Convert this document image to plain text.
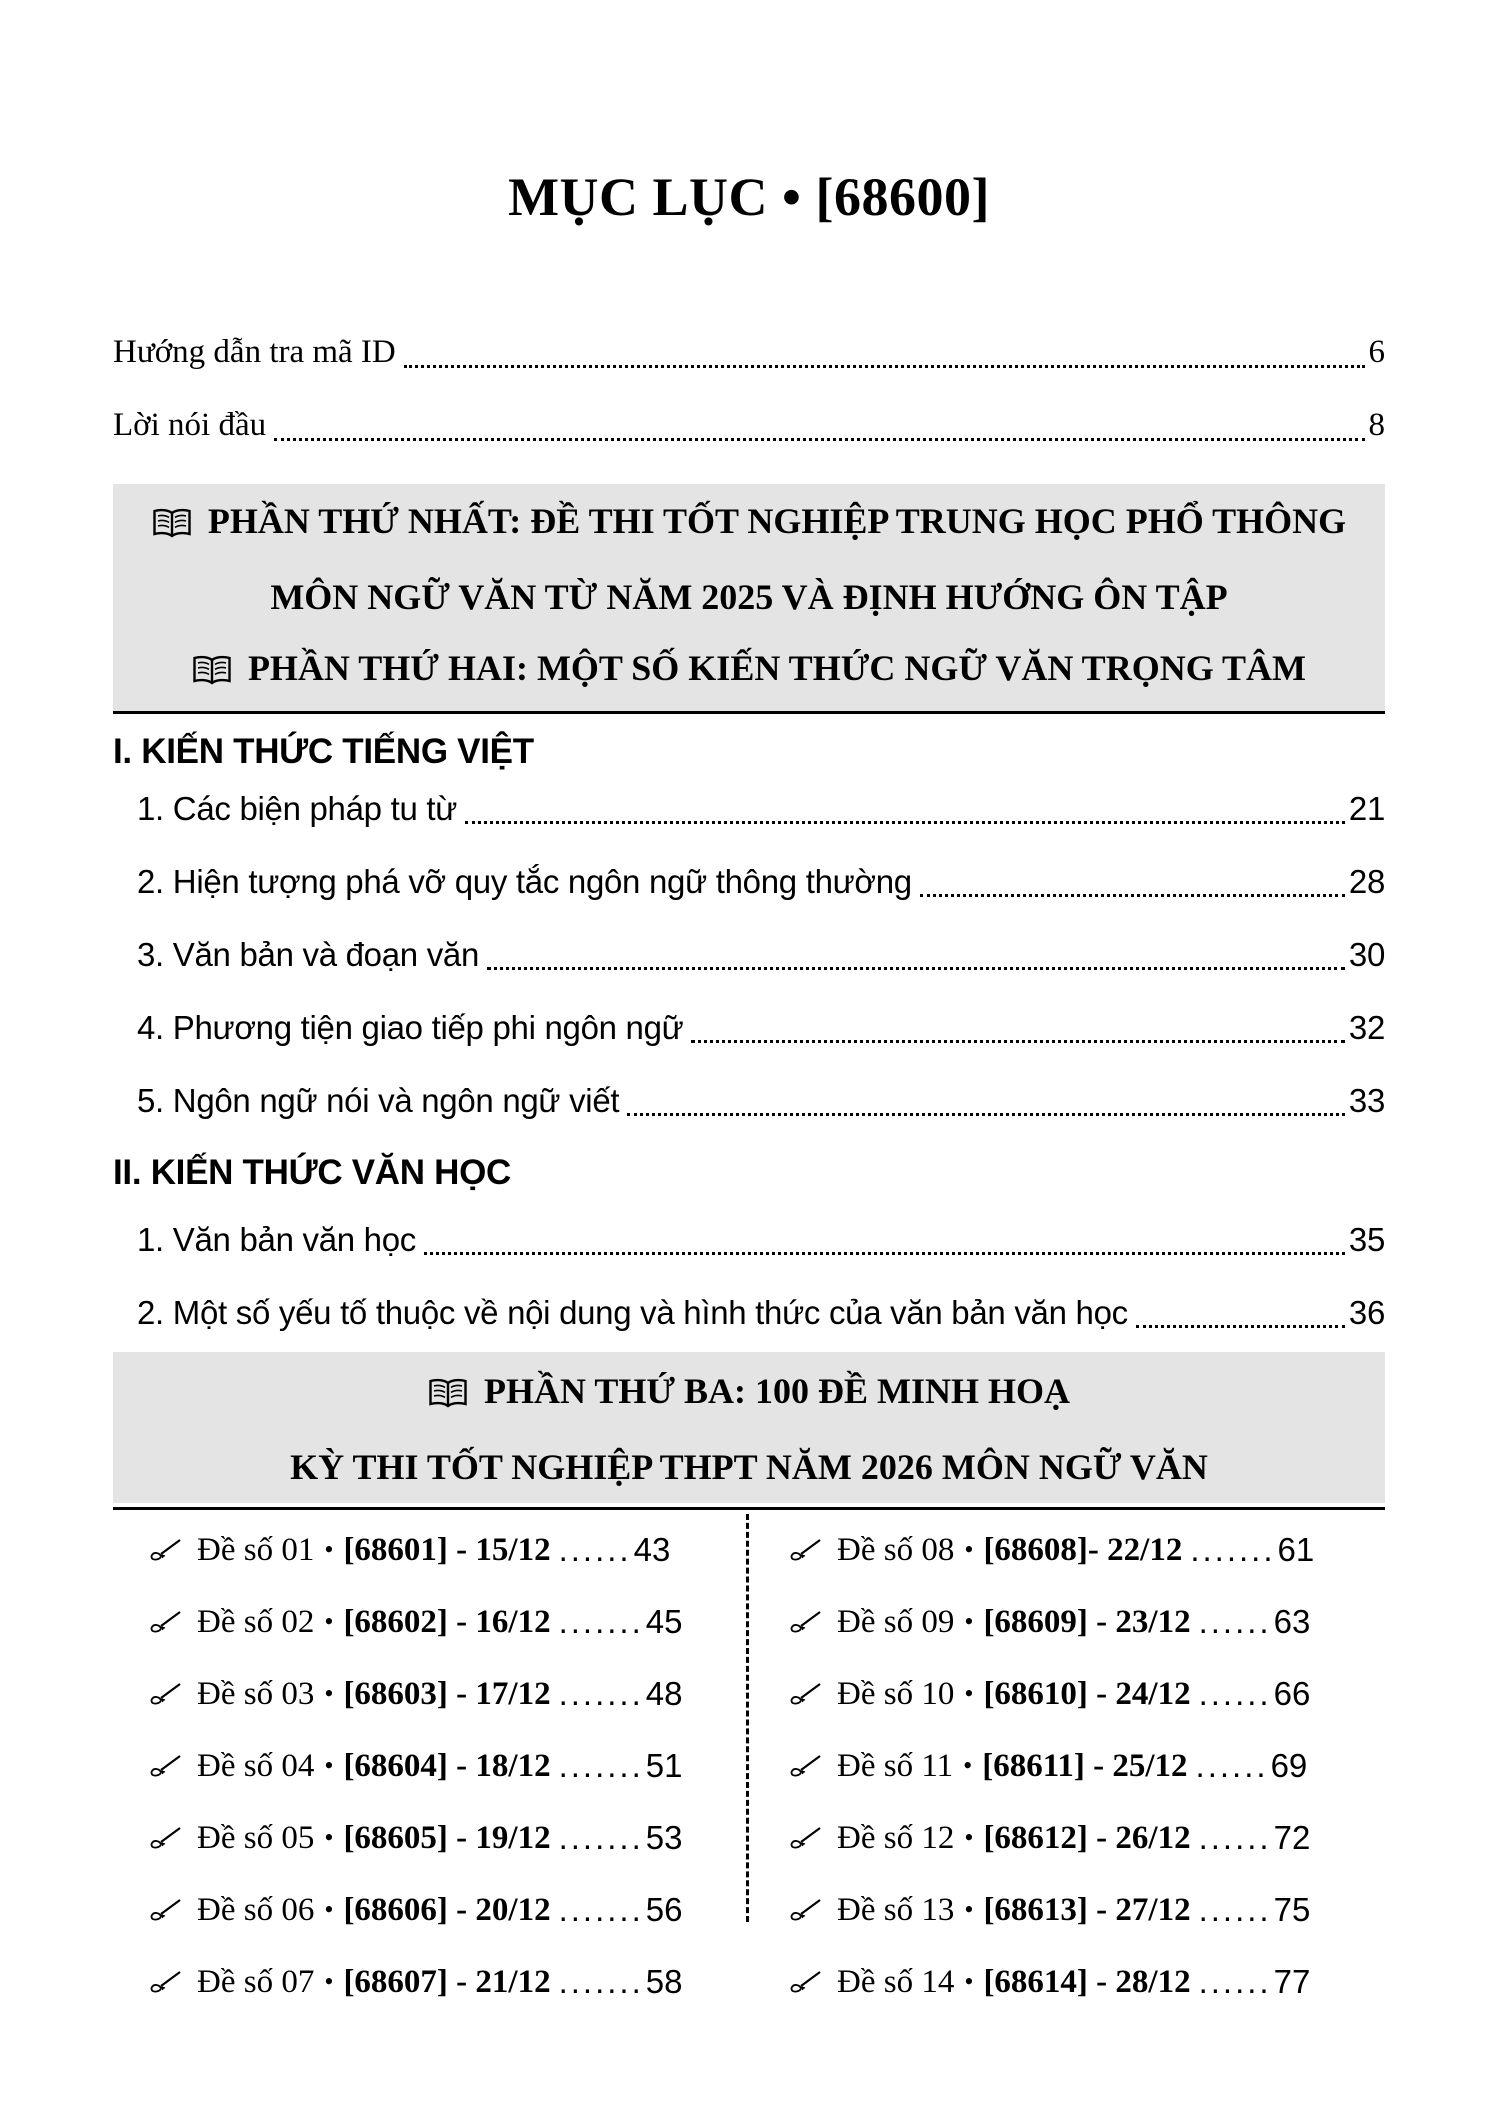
MỤC LỤC • [68600]
Hướng dẫn tra mã ID	6
Lời nói đầu	8
PHẦN THỨ NHẤT: ĐỀ THI TỐT NGHIỆP TRUNG HỌC PHỔ THÔNG
MÔN NGỮ VĂN TỪ NĂM 2025 VÀ ĐỊNH HƯỚNG ÔN TẬP
PHẦN THỨ HAI: MỘT SỐ KIẾN THỨC NGỮ VĂN TRỌNG TÂM
I. KIẾN THỨC TIẾNG VIỆT
1. Các biện pháp tu từ	21
2. Hiện tượng phá vỡ quy tắc ngôn ngữ thông thường	28
3. Văn bản và đoạn văn	30
4. Phương tiện giao tiếp phi ngôn ngữ	32
5. Ngôn ngữ nói và ngôn ngữ viết	33
II. KIẾN THỨC VĂN HỌC
1. Văn bản văn học	35
2. Một số yếu tố thuộc về nội dung và hình thức của văn bản văn học	36
PHẦN THỨ BA: 100 ĐỀ MINH HOẠ
KỲ THI TỐT NGHIỆP THPT NĂM 2026 MÔN NGỮ VĂN
Đề số 01 • [68601] - 15/12 ...... 43
Đề số 02 • [68602] - 16/12 ....... 45
Đề số 03 • [68603] - 17/12 ....... 48
Đề số 04 • [68604] - 18/12 ....... 51
Đề số 05 • [68605] - 19/12 ....... 53
Đề số 06 • [68606] - 20/12 ....... 56
Đề số 07 • [68607] - 21/12 ....... 58
Đề số 08 • [68608]- 22/12 ....... 61
Đề số 09 • [68609] - 23/12 ...... 63
Đề số 10 • [68610] - 24/12 ...... 66
Đề số 11 • [68611] - 25/12 ...... 69
Đề số 12 • [68612] - 26/12 ...... 72
Đề số 13 • [68613] - 27/12 ...... 75
Đề số 14 • [68614] - 28/12 ...... 77
